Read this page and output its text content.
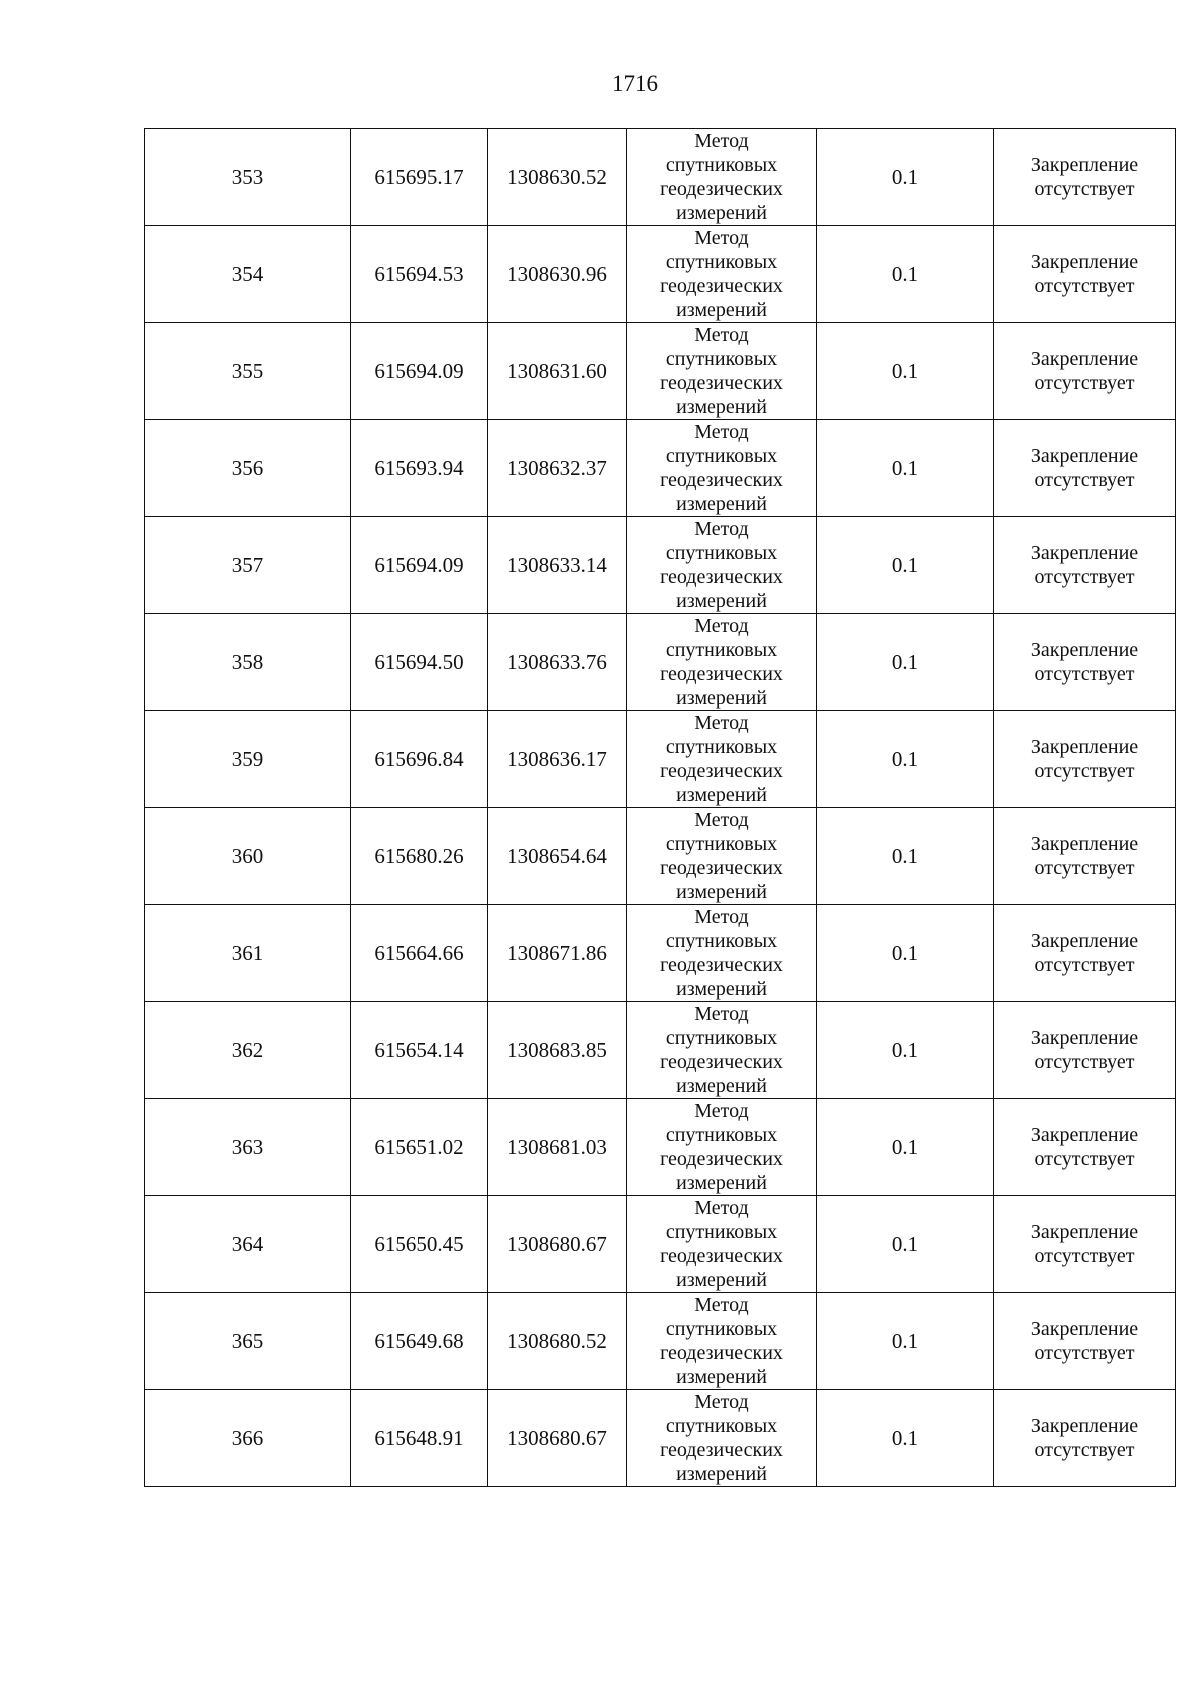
1716
353	615695.17	1308630.52	Метод
спутниковых
геодезических
измерений	0.1	Закрепление
отсутствует

354	615694.53	1308630.96	Метод
спутниковых
геодезических
измерений	0.1	Закрепление
отсутствует

355	615694.09	1308631.60	Метод
спутниковых
геодезических
измерений	0.1	Закрепление
отсутствует

356	615693.94	1308632.37	Метод
спутниковых
геодезических
измерений	0.1	Закрепление
отсутствует

357	615694.09	1308633.14	Метод
спутниковых
геодезических
измерений	0.1	Закрепление
отсутствует

358	615694.50	1308633.76	Метод
спутниковых
геодезических
измерений	0.1	Закрепление
отсутствует

359	615696.84	1308636.17	Метод
спутниковых
геодезических
измерений	0.1	Закрепление
отсутствует

360	615680.26	1308654.64	Метод
спутниковых
геодезических
измерений	0.1	Закрепление
отсутствует

361	615664.66	1308671.86	Метод
спутниковых
геодезических
измерений	0.1	Закрепление
отсутствует

362	615654.14	1308683.85	Метод
спутниковых
геодезических
измерений	0.1	Закрепление
отсутствует

363	615651.02	1308681.03	Метод
спутниковых
геодезических
измерений	0.1	Закрепление
отсутствует

364	615650.45	1308680.67	Метод
спутниковых
геодезических
измерений	0.1	Закрепление
отсутствует

365	615649.68	1308680.52	Метод
спутниковых
геодезических
измерений	0.1	Закрепление
отсутствует

366	615648.91	1308680.67	Метод
спутниковых
геодезических
измерений	0.1	Закрепление
отсутствует
